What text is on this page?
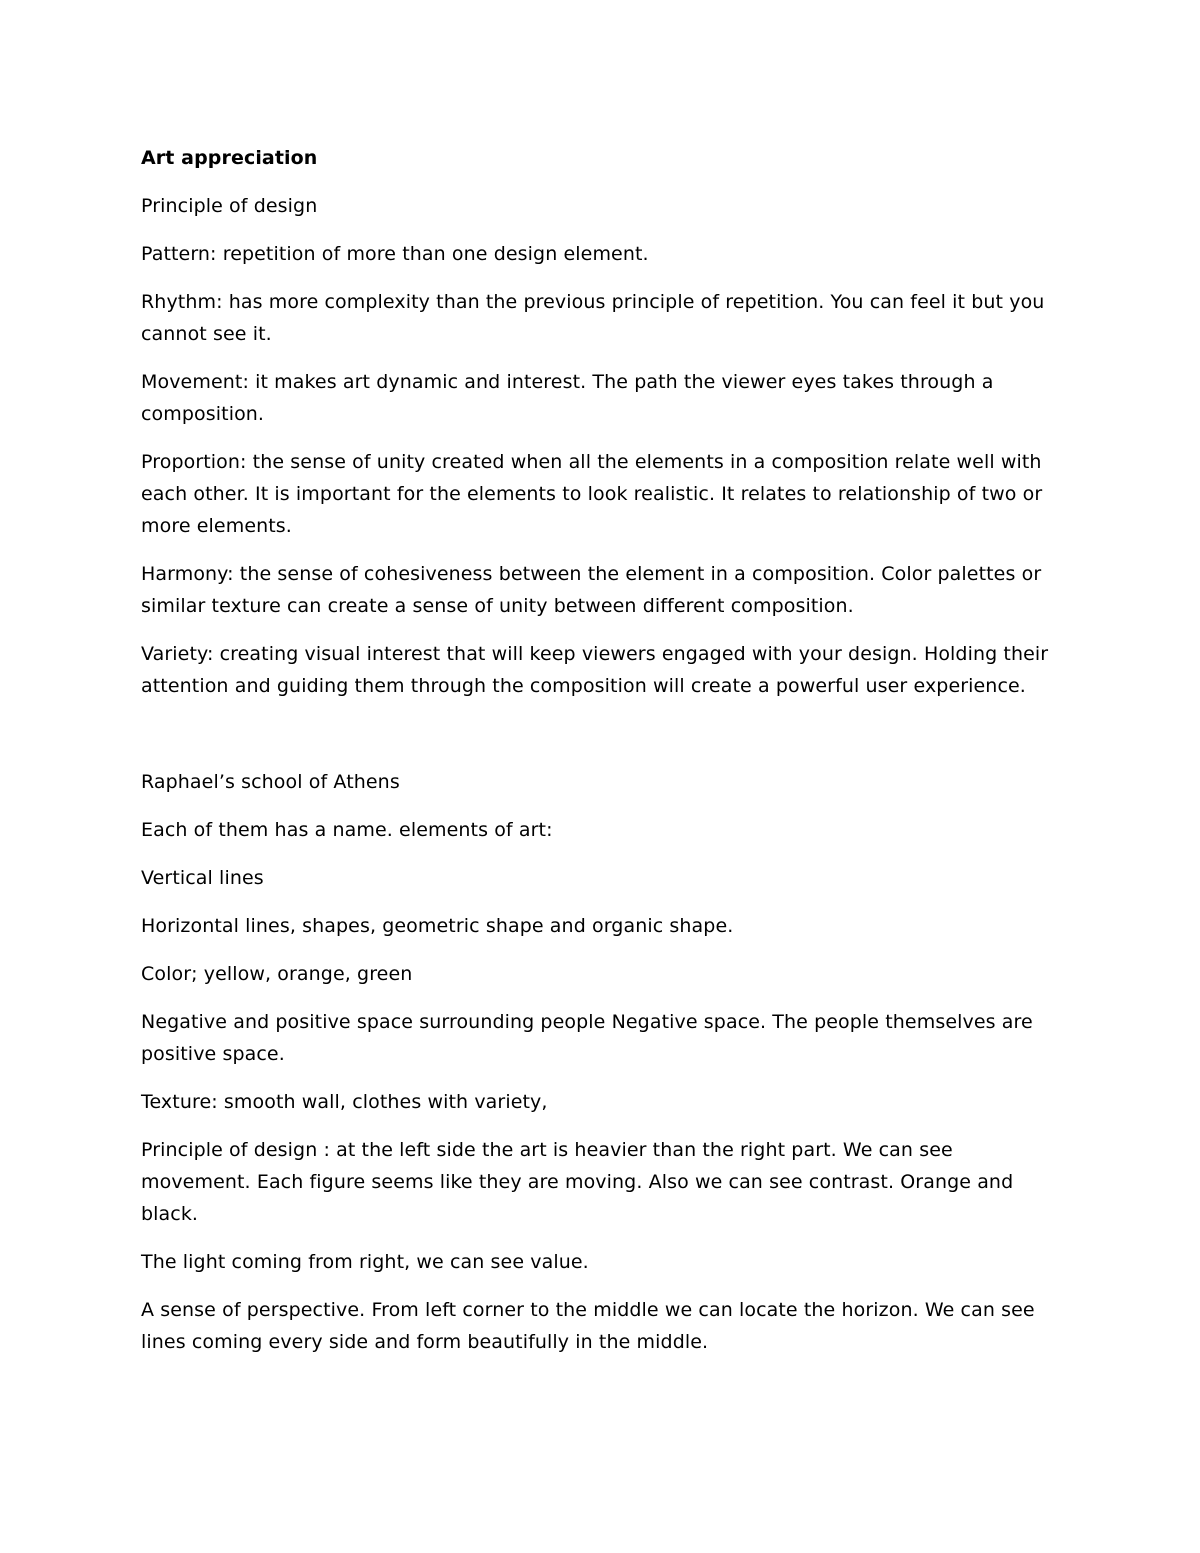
Art appreciation

Principle of design

Pattern: repetition of more than one design element.

Rhythm: has more complexity than the previous principle of repetition. You can feel it but you cannot see it.

Movement: it makes art dynamic and interest. The path the viewer eyes takes through a composition.

Proportion: the sense of unity created when all the elements in a composition relate well with each other. It is important for the elements to look realistic. It relates to relationship of two or more elements.

Harmony: the sense of cohesiveness between the element in a composition. Color palettes or similar texture can create a sense of unity between different composition.

Variety: creating visual interest that will keep viewers engaged with your design. Holding their attention and guiding them through the composition will create a powerful user experience.

Raphael’s school of Athens

Each of them has a name. elements of art:

Vertical lines

Horizontal lines, shapes, geometric shape and organic shape.

Color; yellow, orange, green

Negative and positive space surrounding people Negative space. The people themselves are positive space.

Texture: smooth wall, clothes with variety,

Principle of design : at the left side the art is heavier than the right part. We can see movement. Each figure seems like they are moving. Also we can see contrast. Orange and black.

The light coming from right, we can see value.

A sense of perspective. From left corner to the middle we can locate the horizon. We can see lines coming every side and form beautifully in the middle.
